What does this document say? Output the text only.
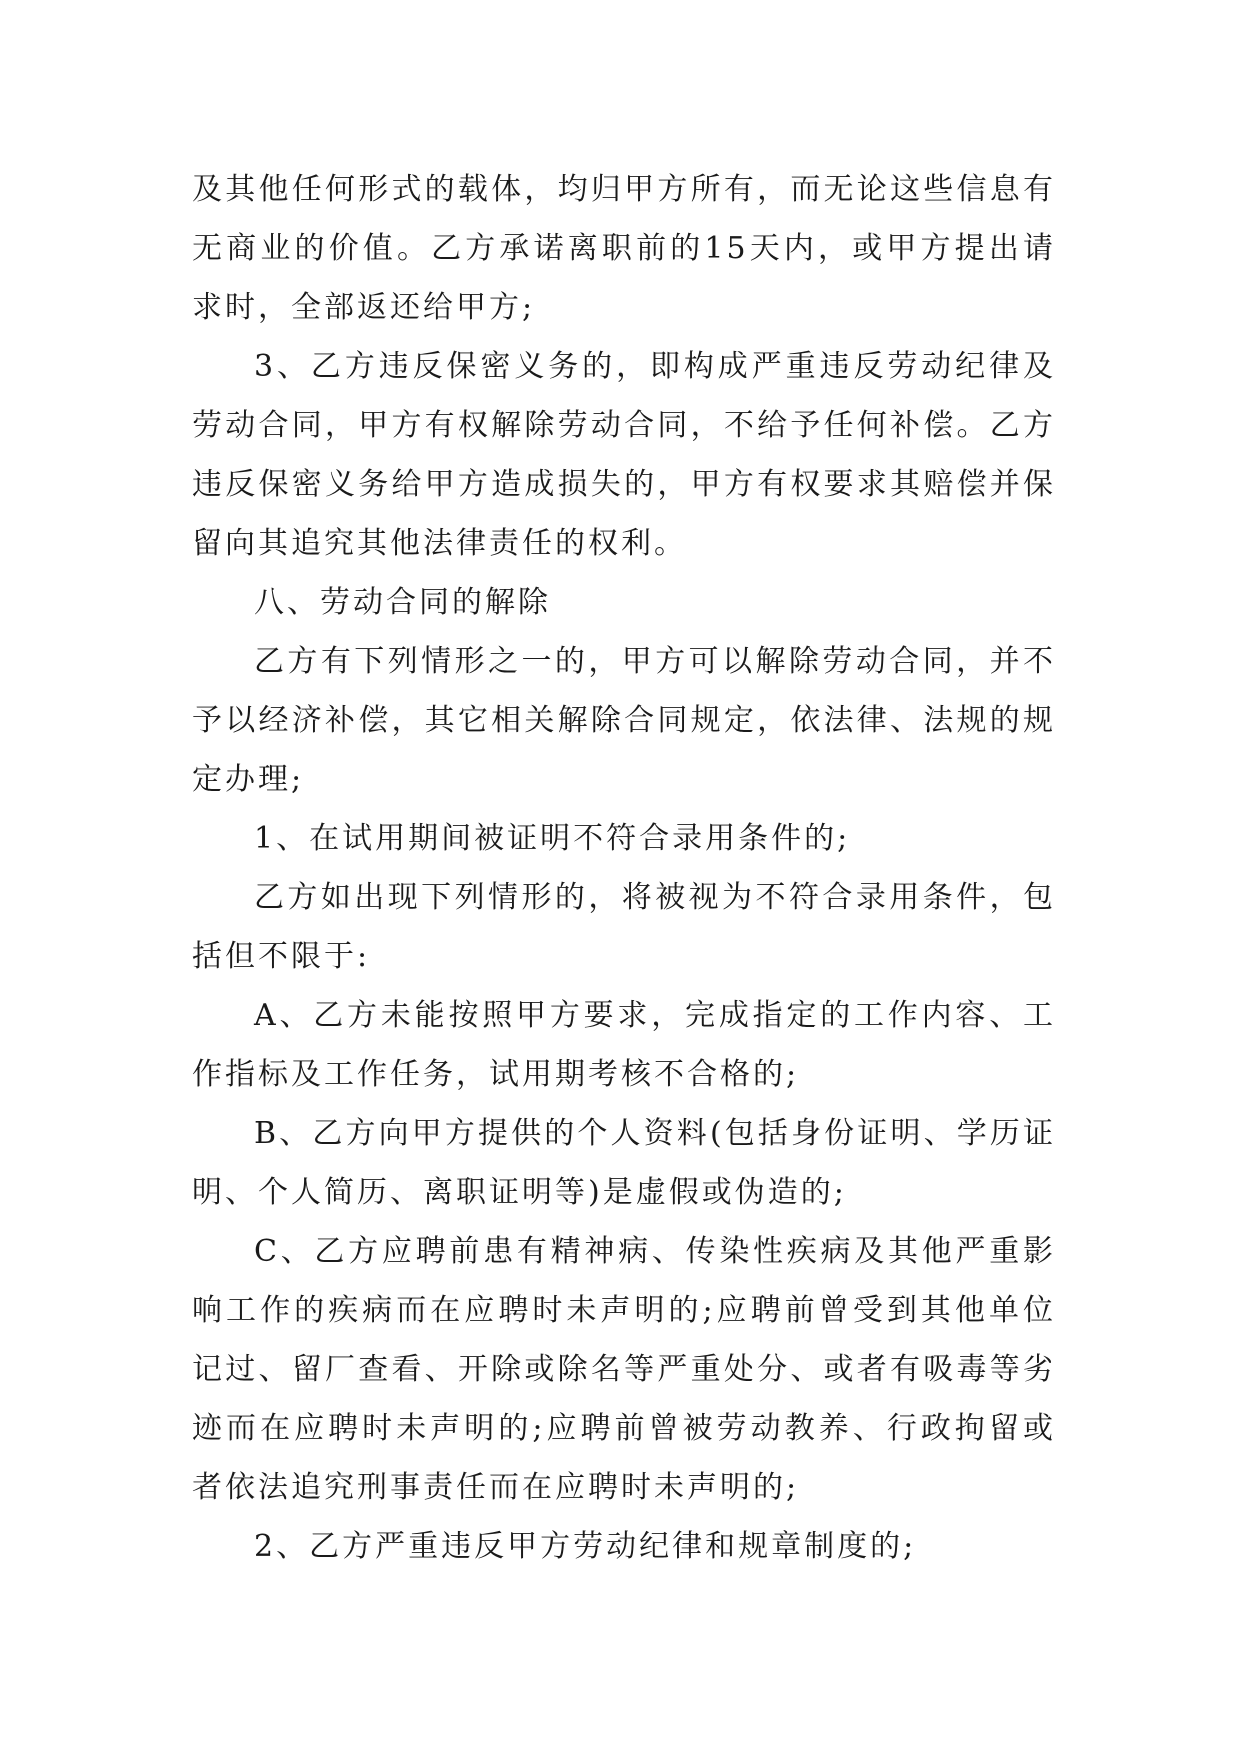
及其他任何形式的载体，均归甲方所有，而无论这些信息有无商业的价值。乙方承诺离职前的15天内，或甲方提出请求时，全部返还给甲方;

3、乙方违反保密义务的，即构成严重违反劳动纪律及劳动合同，甲方有权解除劳动合同，不给予任何补偿。乙方违反保密义务给甲方造成损失的，甲方有权要求其赔偿并保留向其追究其他法律责任的权利。

八、劳动合同的解除

乙方有下列情形之一的，甲方可以解除劳动合同，并不予以经济补偿，其它相关解除合同规定，依法律、法规的规定办理;

1、在试用期间被证明不符合录用条件的;

乙方如出现下列情形的，将被视为不符合录用条件，包括但不限于:

A、乙方未能按照甲方要求，完成指定的工作内容、工作指标及工作任务，试用期考核不合格的;

B、乙方向甲方提供的个人资料(包括身份证明、学历证明、个人简历、离职证明等)是虚假或伪造的;

C、乙方应聘前患有精神病、传染性疾病及其他严重影响工作的疾病而在应聘时未声明的;应聘前曾受到其他单位记过、留厂查看、开除或除名等严重处分、或者有吸毒等劣迹而在应聘时未声明的;应聘前曾被劳动教养、行政拘留或者依法追究刑事责任而在应聘时未声明的;

2、乙方严重违反甲方劳动纪律和规章制度的;
